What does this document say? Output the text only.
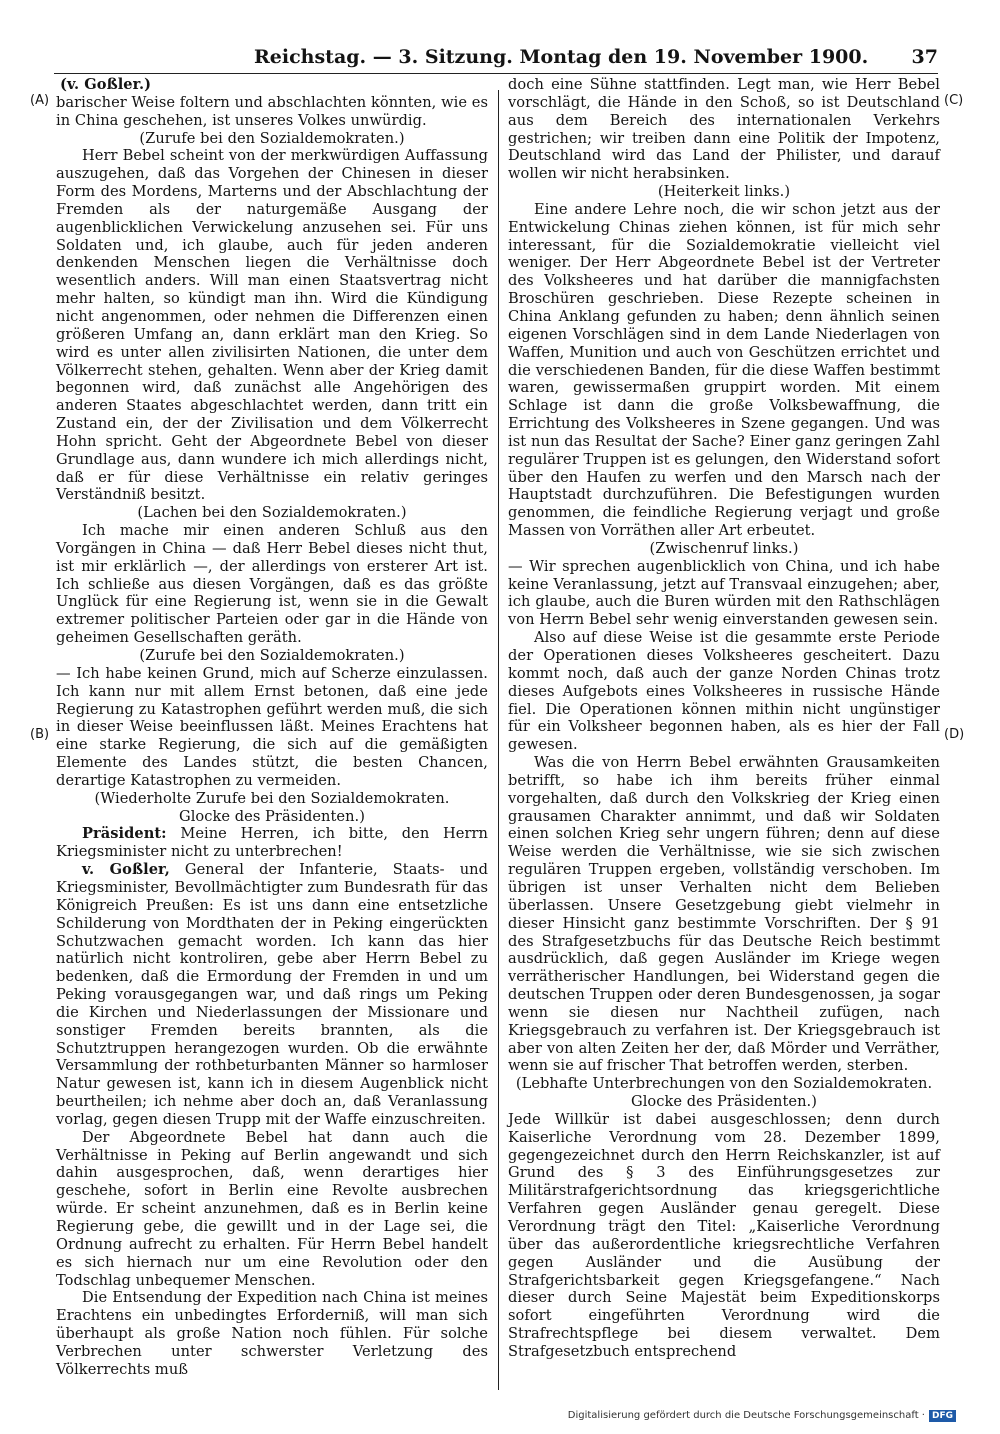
Reichstag. — 3. Sitzung. Montag den 19. November 1900. 37

(v. Goßler.)

barischer Weise foltern und abschlachten könnten, wie es in China geschehen, ist unseres Volkes unwürdig.

(Zurufe bei den Sozialdemokraten.)

Herr Bebel scheint von der merkwürdigen Auffassung auszugehen, daß das Vorgehen der Chinesen in dieser Form des Mordens, Marterns und der Abschlachtung der Fremden als der naturgemäße Ausgang der augenblicklichen Verwickelung anzusehen sei. Für uns Soldaten und, ich glaube, auch für jeden anderen denkenden Menschen liegen die Verhältnisse doch wesentlich anders. Will man einen Staatsvertrag nicht mehr halten, so kündigt man ihn. Wird die Kündigung nicht angenommen, oder nehmen die Differenzen einen größeren Umfang an, dann erklärt man den Krieg. So wird es unter allen zivilisirten Nationen, die unter dem Völkerrecht stehen, gehalten. Wenn aber der Krieg damit begonnen wird, daß zunächst alle Angehörigen des anderen Staates abgeschlachtet werden, dann tritt ein Zustand ein, der der Zivilisation und dem Völkerrecht Hohn spricht. Geht der Abgeordnete Bebel von dieser Grundlage aus, dann wundere ich mich allerdings nicht, daß er für diese Verhältnisse ein relativ geringes Verständniß besitzt.

(Lachen bei den Sozialdemokraten.)

Ich mache mir einen anderen Schluß aus den Vorgängen in China — daß Herr Bebel dieses nicht thut, ist mir erklärlich —, der allerdings von ersterer Art ist. Ich schließe aus diesen Vorgängen, daß es das größte Unglück für eine Regierung ist, wenn sie in die Gewalt extremer politischer Parteien oder gar in die Hände von geheimen Gesellschaften geräth.

(Zurufe bei den Sozialdemokraten.)

— Ich habe keinen Grund, mich auf Scherze einzulassen. Ich kann nur mit allem Ernst betonen, daß eine jede Regierung zu Katastrophen geführt werden muß, die sich in dieser Weise beeinflussen läßt. Meines Erachtens hat eine starke Regierung, die sich auf die gemäßigten Elemente des Landes stützt, die besten Chancen, derartige Katastrophen zu vermeiden.

(Wiederholte Zurufe bei den Sozialdemokraten.

Glocke des Präsidenten.)

Präsident: Meine Herren, ich bitte, den Herrn Kriegsminister nicht zu unterbrechen!

v. Goßler, General der Infanterie, Staats- und Kriegsminister, Bevollmächtigter zum Bundesrath für das Königreich Preußen: Es ist uns dann eine entsetzliche Schilderung von Mordthaten der in Peking eingerückten Schutzwachen gemacht worden. Ich kann das hier natürlich nicht kontroliren, gebe aber Herrn Bebel zu bedenken, daß die Ermordung der Fremden in und um Peking vorausgegangen war, und daß rings um Peking die Kirchen und Niederlassungen der Missionare und sonstiger Fremden bereits brannten, als die Schutztruppen herangezogen wurden. Ob die erwähnte Versammlung der rothbeturbanten Männer so harmloser Natur gewesen ist, kann ich in diesem Augenblick nicht beurtheilen; ich nehme aber doch an, daß Veranlassung vorlag, gegen diesen Trupp mit der Waffe einzuschreiten.

Der Abgeordnete Bebel hat dann auch die Verhältnisse in Peking auf Berlin angewandt und sich dahin ausgesprochen, daß, wenn derartiges hier geschehe, sofort in Berlin eine Revolte ausbrechen würde. Er scheint anzunehmen, daß es in Berlin keine Regierung gebe, die gewillt und in der Lage sei, die Ordnung aufrecht zu erhalten. Für Herrn Bebel handelt es sich hiernach nur um eine Revolution oder den Todschlag unbequemer Menschen.

Die Entsendung der Expedition nach China ist meines Erachtens ein unbedingtes Erforderniß, will man sich überhaupt als große Nation noch fühlen. Für solche Verbrechen unter schwerster Verletzung des Völkerrechts muß

doch eine Sühne stattfinden. Legt man, wie Herr Bebel vorschlägt, die Hände in den Schoß, so ist Deutschland aus dem Bereich des internationalen Verkehrs gestrichen; wir treiben dann eine Politik der Impotenz, Deutschland wird das Land der Philister, und darauf wollen wir nicht herabsinken.

(Heiterkeit links.)

Eine andere Lehre noch, die wir schon jetzt aus der Entwickelung Chinas ziehen können, ist für mich sehr interessant, für die Sozialdemokratie vielleicht viel weniger. Der Herr Abgeordnete Bebel ist der Vertreter des Volksheeres und hat darüber die mannigfachsten Broschüren geschrieben. Diese Rezepte scheinen in China Anklang gefunden zu haben; denn ähnlich seinen eigenen Vorschlägen sind in dem Lande Niederlagen von Waffen, Munition und auch von Geschützen errichtet und die verschiedenen Banden, für die diese Waffen bestimmt waren, gewissermaßen gruppirt worden. Mit einem Schlage ist dann die große Volksbewaffnung, die Errichtung des Volksheeres in Szene gegangen. Und was ist nun das Resultat der Sache? Einer ganz geringen Zahl regulärer Truppen ist es gelungen, den Widerstand sofort über den Haufen zu werfen und den Marsch nach der Hauptstadt durchzuführen. Die Befestigungen wurden genommen, die feindliche Regierung verjagt und große Massen von Vorräthen aller Art erbeutet.

(Zwischenruf links.)

— Wir sprechen augenblicklich von China, und ich habe keine Veranlassung, jetzt auf Transvaal einzugehen; aber, ich glaube, auch die Buren würden mit den Rathschlägen von Herrn Bebel sehr wenig einverstanden gewesen sein.

Also auf diese Weise ist die gesammte erste Periode der Operationen dieses Volksheeres gescheitert. Dazu kommt noch, daß auch der ganze Norden Chinas trotz dieses Aufgebots eines Volksheeres in russische Hände fiel. Die Operationen können mithin nicht ungünstiger für ein Volksheer begonnen haben, als es hier der Fall gewesen.

Was die von Herrn Bebel erwähnten Grausamkeiten betrifft, so habe ich ihm bereits früher einmal vorgehalten, daß durch den Volkskrieg der Krieg einen grausamen Charakter annimmt, und daß wir Soldaten einen solchen Krieg sehr ungern führen; denn auf diese Weise werden die Verhältnisse, wie sie sich zwischen regulären Truppen ergeben, vollständig verschoben. Im übrigen ist unser Verhalten nicht dem Belieben überlassen. Unsere Gesetzgebung giebt vielmehr in dieser Hinsicht ganz bestimmte Vorschriften. Der § 91 des Strafgesetzbuchs für das Deutsche Reich bestimmt ausdrücklich, daß gegen Ausländer im Kriege wegen verrätherischer Handlungen, bei Widerstand gegen die deutschen Truppen oder deren Bundesgenossen, ja sogar wenn sie diesen nur Nachtheil zufügen, nach Kriegsgebrauch zu verfahren ist. Der Kriegsgebrauch ist aber von alten Zeiten her der, daß Mörder und Verräther, wenn sie auf frischer That betroffen werden, sterben.

(Lebhafte Unterbrechungen von den Sozialdemokraten.

Glocke des Präsidenten.)

Jede Willkür ist dabei ausgeschlossen; denn durch Kaiserliche Verordnung vom 28. Dezember 1899, gegengezeichnet durch den Herrn Reichskanzler, ist auf Grund des § 3 des Einführungsgesetzes zur Militärstrafgerichtsordnung das kriegsgerichtliche Verfahren gegen Ausländer genau geregelt. Diese Verordnung trägt den Titel: „Kaiserliche Verordnung über das außerordentliche kriegsrechtliche Verfahren gegen Ausländer und die Ausübung der Strafgerichtsbarkeit gegen Kriegsgefangene.“ Nach dieser durch Seine Majestät beim Expeditionskorps sofort eingeführten Verordnung wird die Strafrechtspflege bei diesem verwaltet. Dem Strafgesetzbuch entsprechend

(A)
(B)
(C)
(D)
Digitalisierung gefördert durch die Deutsche Forschungsgemeinschaft · DFG
